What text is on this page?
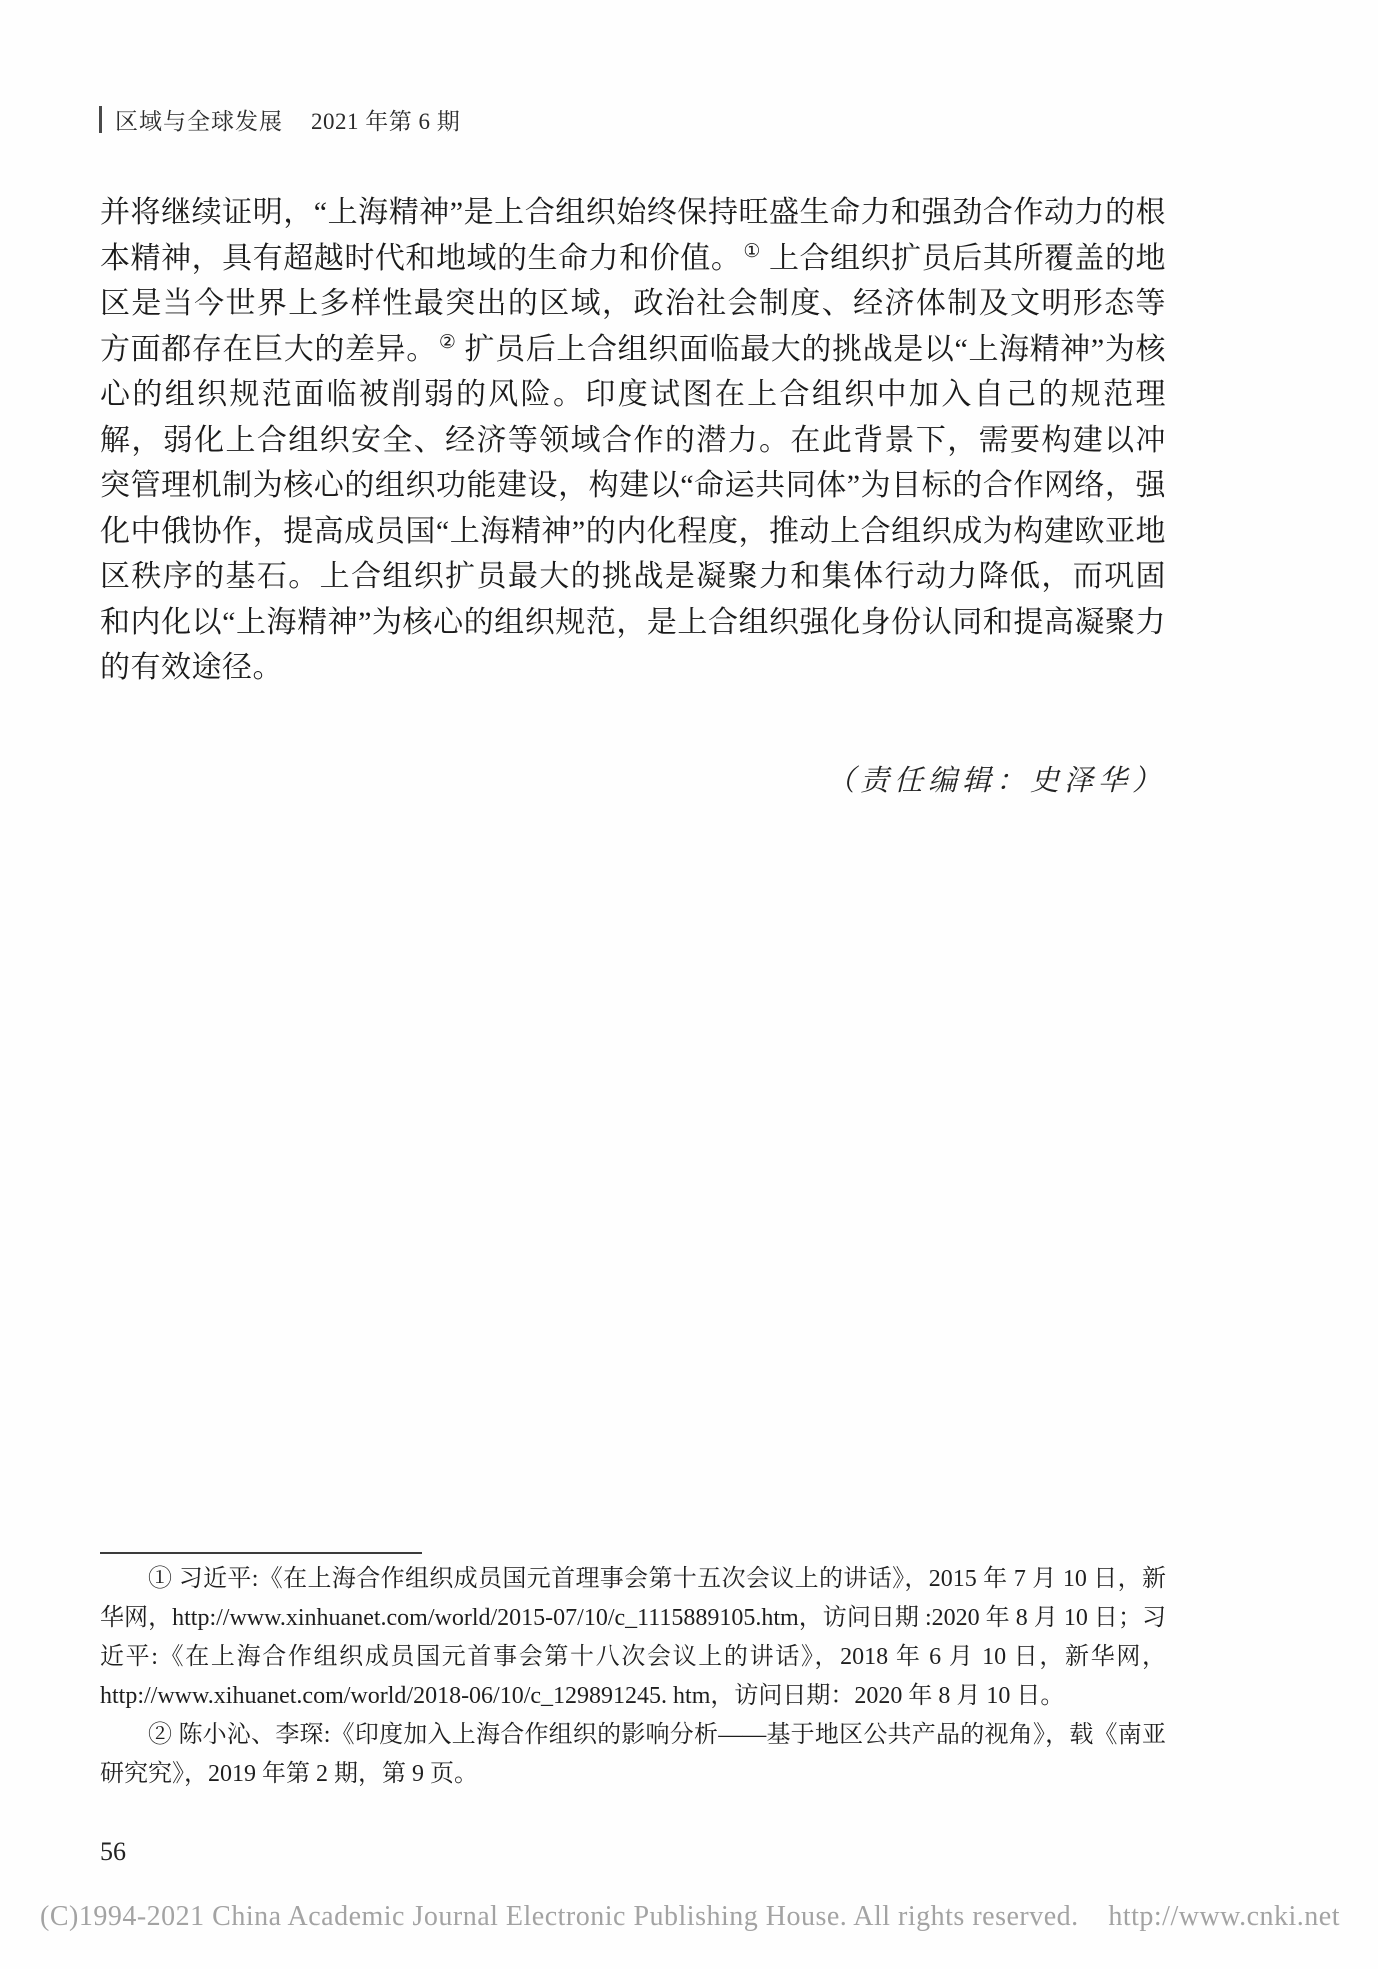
区域与全球发展 2021 年第 6 期

并将继续证明，“上海精神”是上合组织始终保持旺盛生命力和强劲合作动力的根本精神，具有超越时代和地域的生命力和价值。 ① 上合组织扩员后其所覆盖的地区是当今世界上多样性最突出的区域，政治社会制度、经济体制及文明形态等方面都存在巨大的差异。 ② 扩员后上合组织面临最大的挑战是以“上海精神”为核心的组织规范面临被削弱的风险。印度试图在上合组织中加入自己的规范理解，弱化上合组织安全、经济等领域合作的潜力。在此背景下，需要构建以冲突管理机制为核心的组织功能建设，构建以“命运共同体”为目标的合作网络，强化中俄协作，提高成员国“上海精神”的内化程度，推动上合组织成为构建欧亚地区秩序的基石。上合组织扩员最大的挑战是凝聚力和集体行动力降低，而巩固和内化以“上海精神”为核心的组织规范，是上合组织强化身份认同和提高凝聚力的有效途径。

（责任编辑：史泽华）

① 习近平:《在上海合作组织成员国元首理事会第十五次会议上的讲话》，2015 年 7 月 10 日，新华网，http://www.xinhuanet.com/world/2015-07/10/c_1115889105.htm，访问日期 :2020 年 8 月 10 日；习近平:《在上海合作组织成员国元首事会第十八次会议上的讲话》，2018 年 6 月 10 日，新华网，http://www.xihuanet.com/world/2018-06/10/c_129891245. htm，访问日期：2020 年 8 月 10 日。

② 陈小沁、李琛:《印度加入上海合作组织的影响分析——基于地区公共产品的视角》，载《南亚研究究》，2019 年第 2 期，第 9 页。

56
(C)1994-2021 China Academic Journal Electronic Publishing House. All rights reserved. http://www.cnki.net
